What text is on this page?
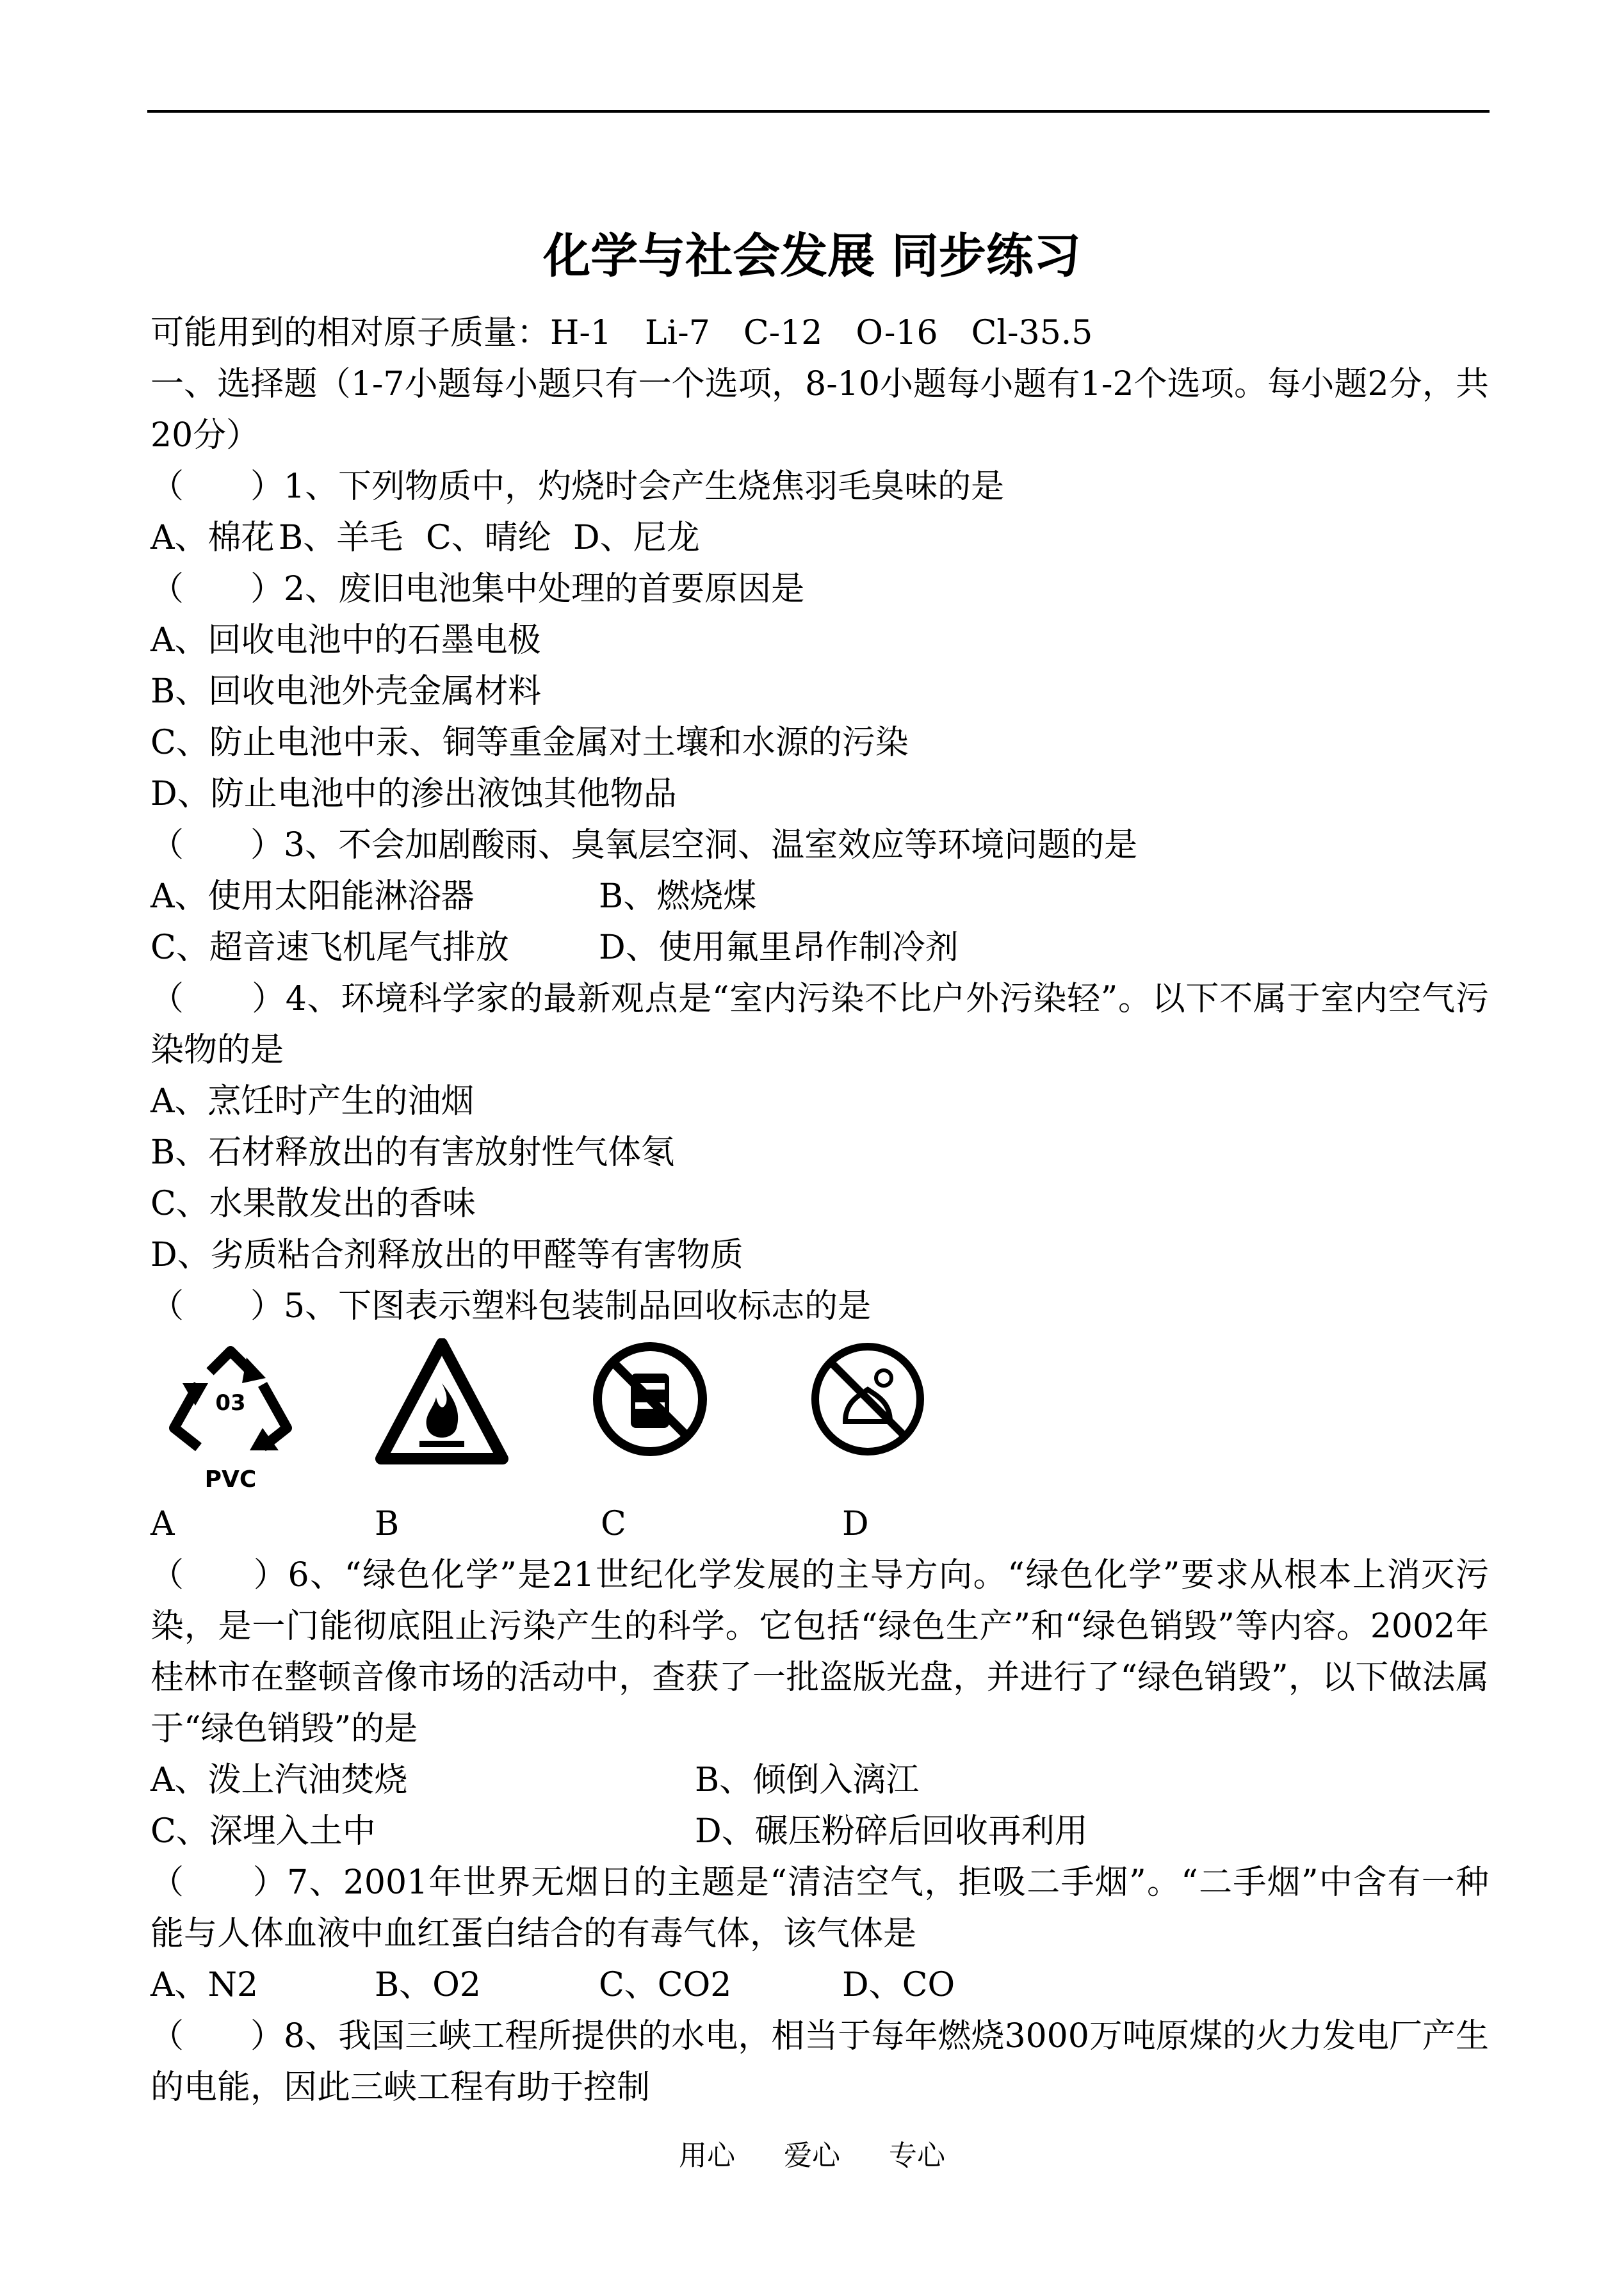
化学与社会发展 同步练习
可能用到的相对原子质量：H-1　Li-7　C-12　O-16　Cl-35.5
一、选择题（1-7小题每小题只有一个选项，8-10小题每小题有1-2个选项。每小题2分，共20分）
（　　）1、下列物质中，灼烧时会产生烧焦羽毛臭味的是
A、棉花 B、羊毛 C、晴纶 D、尼龙
（　　）2、废旧电池集中处理的首要原因是
A、回收电池中的石墨电极
B、回收电池外壳金属材料
C、防止电池中汞、铜等重金属对土壤和水源的污染
D、防止电池中的渗出液蚀其他物品
（　　）3、不会加剧酸雨、臭氧层空洞、温室效应等环境问题的是
A、使用太阳能淋浴器	B、燃烧煤
C、超音速飞机尾气排放	D、使用氟里昂作制冷剂
（　　）4、环境科学家的最新观点是“室内污染不比户外污染轻”。以下不属于室内空气污染物的是
A、烹饪时产生的油烟
B、石材释放出的有害放射性气体氡
C、水果散发出的香味
D、劣质粘合剂释放出的甲醛等有害物质
（　　）5、下图表示塑料包装制品回收标志的是
03
PVC
A	B	C	D
（　　）6、“绿色化学”是21世纪化学发展的主导方向。“绿色化学”要求从根本上消灭污染，是一门能彻底阻止污染产生的科学。它包括“绿色生产”和“绿色销毁”等内容。2002年桂林市在整顿音像市场的活动中，查获了一批盗版光盘，并进行了“绿色销毁”，以下做法属于“绿色销毁”的是
A、泼上汽油焚烧	B、倾倒入漓江
C、深埋入土中	D、碾压粉碎后回收再利用
（　　）7、2001年世界无烟日的主题是“清洁空气，拒吸二手烟”。“二手烟”中含有一种能与人体血液中血红蛋白结合的有毒气体，该气体是
A、N2	B、O2	C、CO2	D、CO
（　　）8、我国三峡工程所提供的水电，相当于每年燃烧3000万吨原煤的火力发电厂产生的电能，因此三峡工程有助于控制
用心 爱心 专心
